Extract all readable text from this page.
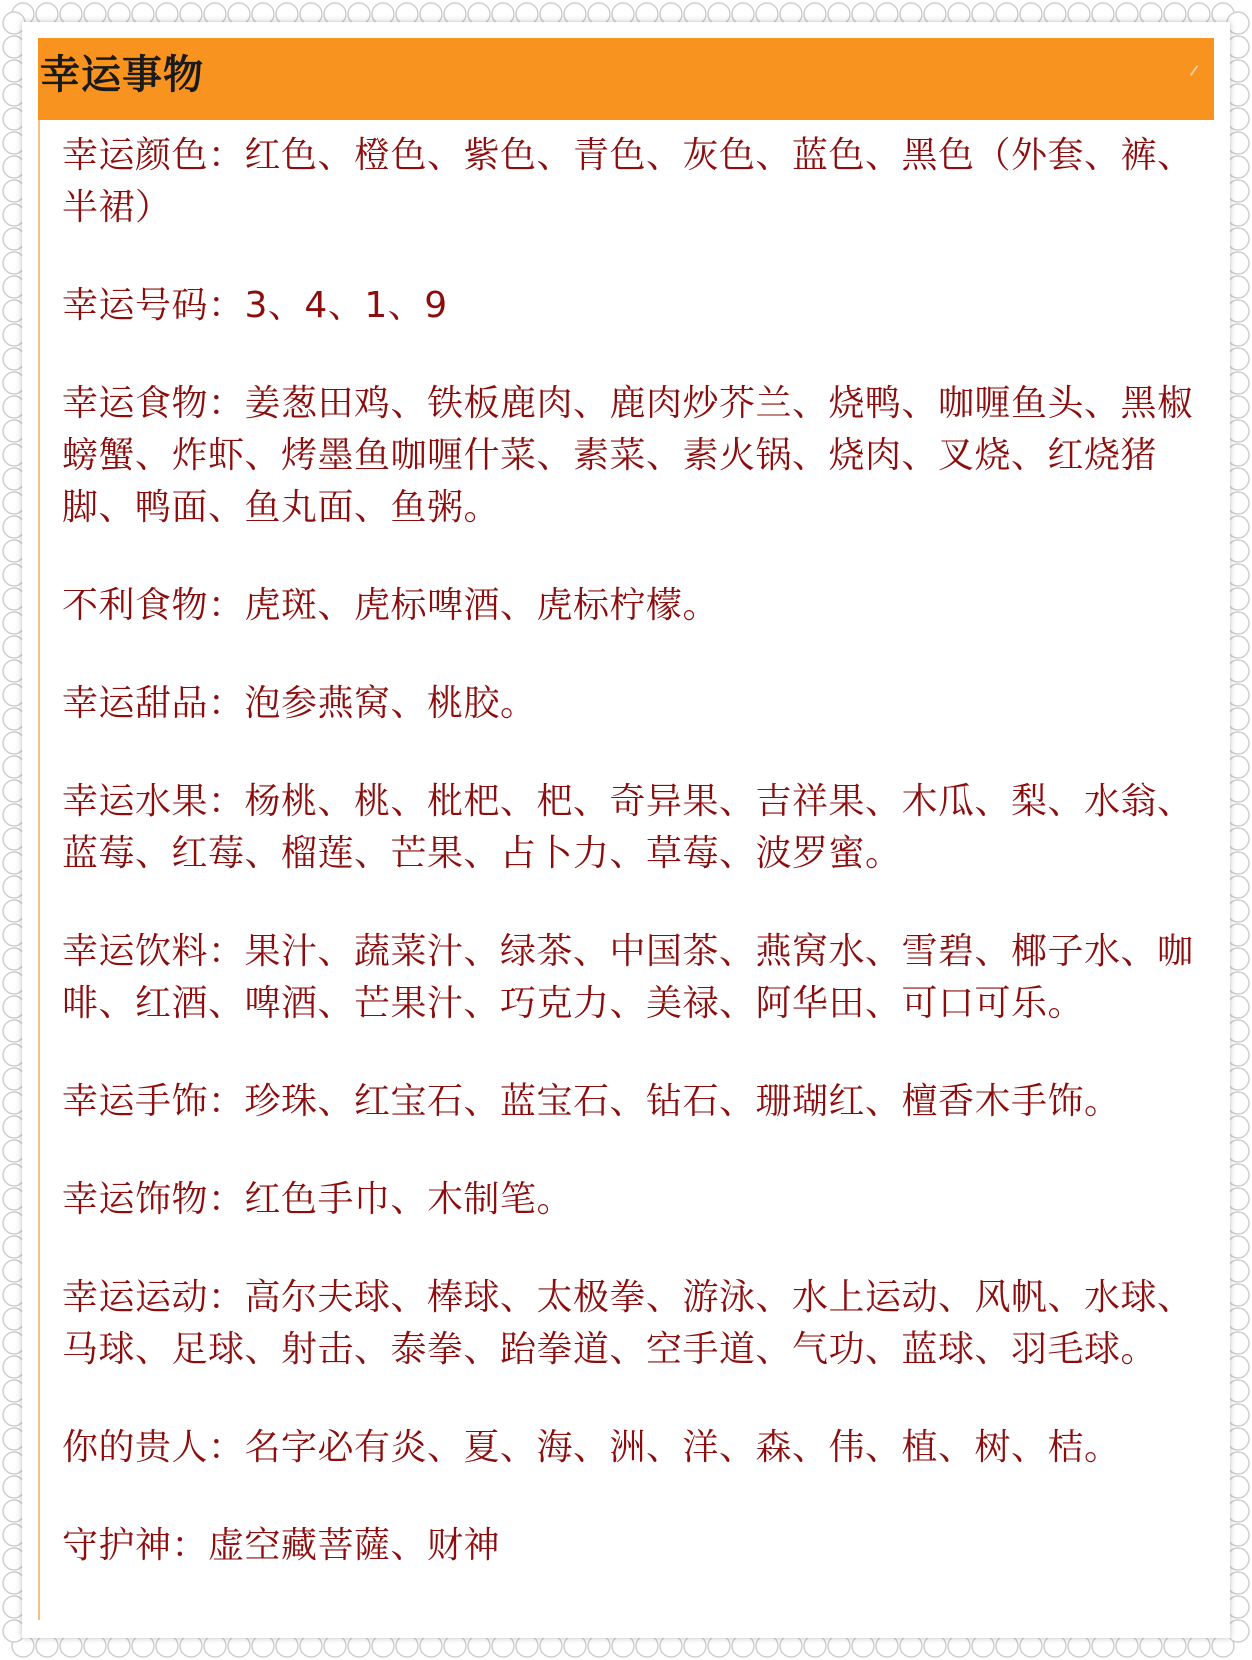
幸运事物
幸运颜色：红色、橙色、紫色、青色、灰色、蓝色、黑色（外套、裤、半裙）
幸运号码：3、4、1、9
幸运食物：姜葱田鸡、铁板鹿肉、鹿肉炒芥兰、烧鸭、咖喱鱼头、黑椒螃蟹、炸虾、烤墨鱼咖喱什菜、素菜、素火锅、烧肉、叉烧、红烧猪脚、鸭面、鱼丸面、鱼粥。
不利食物：虎斑、虎标啤酒、虎标柠檬。
幸运甜品：泡参燕窝、桃胶。
幸运水果：杨桃、桃、枇杷、杷、奇异果、吉祥果、木瓜、梨、水翁、蓝莓、红莓、榴莲、芒果、占卜力、草莓、波罗蜜。
幸运饮料：果汁、蔬菜汁、绿茶、中国茶、燕窝水、雪碧、椰子水、咖啡、红酒、啤酒、芒果汁、巧克力、美禄、阿华田、可口可乐。
幸运手饰：珍珠、红宝石、蓝宝石、钻石、珊瑚红、檀香木手饰。
幸运饰物：红色手巾、木制笔。
幸运运动：高尔夫球、棒球、太极拳、游泳、水上运动、风帆、水球、马球、足球、射击、泰拳、跆拳道、空手道、气功、蓝球、羽毛球。
你的贵人：名字必有炎、夏、海、洲、洋、森、伟、植、树、桔。
守护神：虚空藏菩薩、财神
